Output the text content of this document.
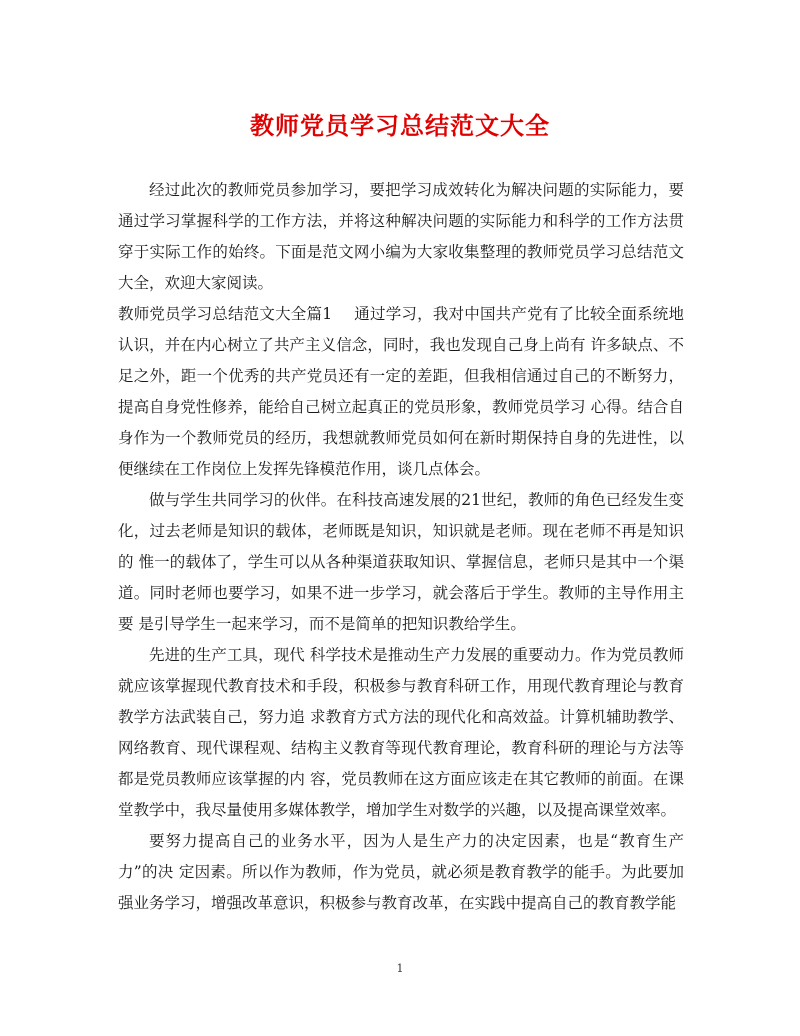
教师党员学习总结范文大全

经过此次的教师党员参加学习，要把学习成效转化为解决问题的实际能力，要通过学习掌握科学的工作方法，并将这种解决问题的实际能力和科学的工作方法贯穿于实际工作的始终。下面是范文网小编为大家收集整理的教师党员学习总结范文大全，欢迎大家阅读。

教师党员学习总结范文大全篇1 通过学习，我对中国共产党有了比较全面系统地认识，并在内心树立了共产主义信念，同时，我也发现自己身上尚有 许多缺点、不足之外，距一个优秀的共产党员还有一定的差距，但我相信通过自己的不断努力，提高自身党性修养，能给自己树立起真正的党员形象，教师党员学习 心得。结合自身作为一个教师党员的经历，我想就教师党员如何在新时期保持自身的先进性，以便继续在工作岗位上发挥先锋模范作用，谈几点体会。

做与学生共同学习的伙伴。在科技高速发展的21世纪，教师的角色已经发生变化，过去老师是知识的载体，老师既是知识，知识就是老师。现在老师不再是知识的 惟一的载体了，学生可以从各种渠道获取知识、掌握信息，老师只是其中一个渠道。同时老师也要学习，如果不进一步学习，就会落后于学生。教师的主导作用主要 是引导学生一起来学习，而不是简单的把知识教给学生。

先进的生产工具，现代 科学技术是推动生产力发展的重要动力。作为党员教师就应该掌握现代教育技术和手段，积极参与教育科研工作，用现代教育理论与教育教学方法武装自己，努力追 求教育方式方法的现代化和高效益。计算机辅助教学、网络教育、现代课程观、结构主义教育等现代教育理论，教育科研的理论与方法等都是党员教师应该掌握的内 容，党员教师在这方面应该走在其它教师的前面。在课堂教学中，我尽量使用多媒体教学，增加学生对数学的兴趣，以及提高课堂效率。

要努力提高自己的业务水平，因为人是生产力的决定因素，也是“教育生产力”的决 定因素。所以作为教师，作为党员，就必须是教育教学的能手。为此要加强业务学习，增强改革意识，积极参与教育改革，在实践中提高自己的教育教学能

1
